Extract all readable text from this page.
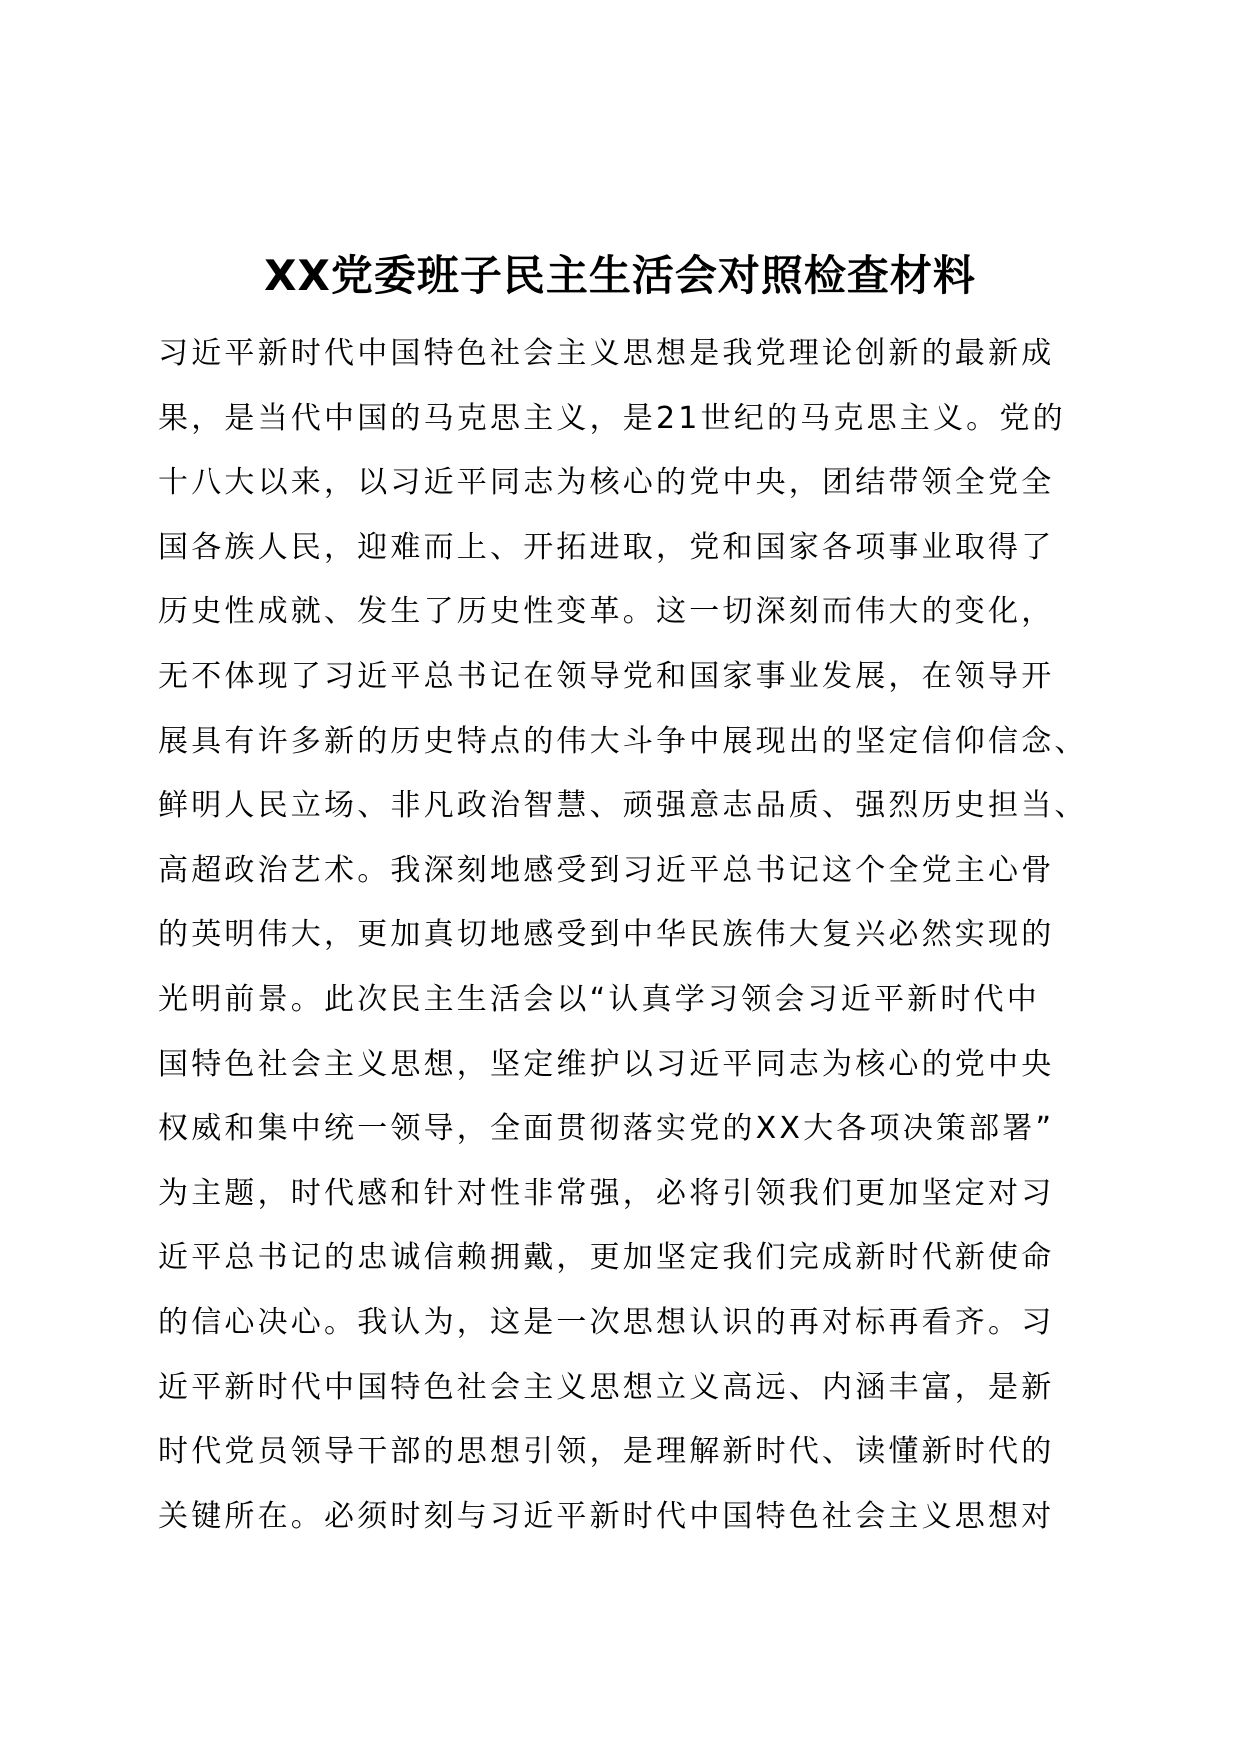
XX党委班子民主生活会对照检查材料
习近平新时代中国特色社会主义思想是我党理论创新的最新成
果，是当代中国的马克思主义，是21世纪的马克思主义。党的
十八大以来，以习近平同志为核心的党中央，团结带领全党全
国各族人民，迎难而上、开拓进取，党和国家各项事业取得了
历史性成就、发生了历史性变革。这一切深刻而伟大的变化，
无不体现了习近平总书记在领导党和国家事业发展，在领导开
展具有许多新的历史特点的伟大斗争中展现出的坚定信仰信念、
鲜明人民立场、非凡政治智慧、顽强意志品质、强烈历史担当、
高超政治艺术。我深刻地感受到习近平总书记这个全党主心骨
的英明伟大，更加真切地感受到中华民族伟大复兴必然实现的
光明前景。此次民主生活会以“认真学习领会习近平新时代中
国特色社会主义思想，坚定维护以习近平同志为核心的党中央
权威和集中统一领导，全面贯彻落实党的XX大各项决策部署”
为主题，时代感和针对性非常强，必将引领我们更加坚定对习
近平总书记的忠诚信赖拥戴，更加坚定我们完成新时代新使命
的信心决心。我认为，这是一次思想认识的再对标再看齐。习
近平新时代中国特色社会主义思想立义高远、内涵丰富，是新
时代党员领导干部的思想引领，是理解新时代、读懂新时代的
关键所在。必须时刻与习近平新时代中国特色社会主义思想对
